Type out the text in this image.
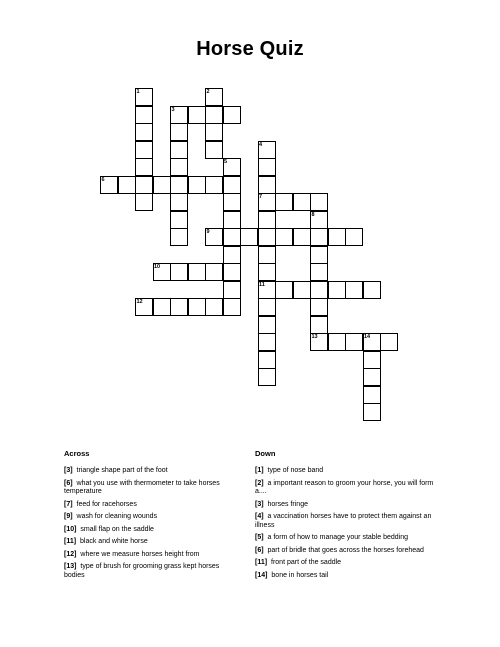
Horse Quiz
1	2
3
4
5
6
7
8
9
10
11
12
13	14
Across
[3] triangle shape part of the foot
[6] what you use with thermometer to take horses temperature
[7] feed for racehorses
[9] wash for cleaning wounds
[10] small flap on the saddle
[11] black and white horse
[12] where we measure horses height from
[13] type of brush for grooming grass kept horses bodies
Down
[1] type of nose band
[2] a important reason to groom your horse, you will form a....
[3] horses fringe
[4] a vaccination horses have to protect them against an illness
[5] a form of how to manage your stable bedding
[6] part of bridle that goes across the horses forehead
[11] front part of the saddle
[14] bone in horses tail
